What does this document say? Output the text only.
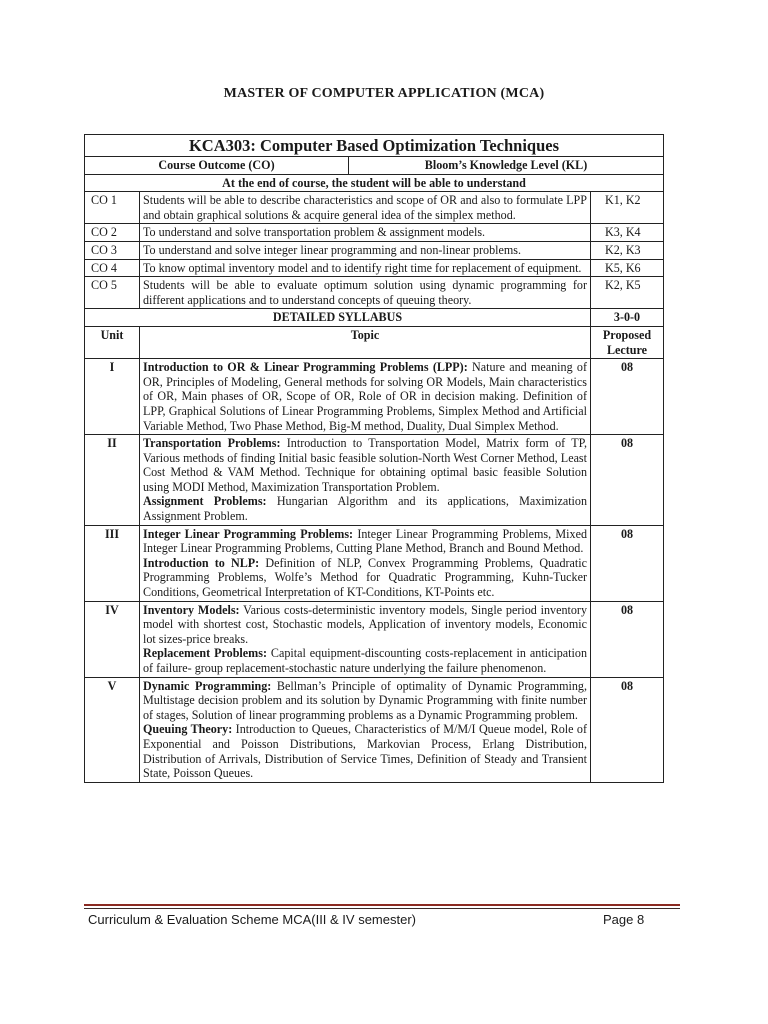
MASTER OF COMPUTER APPLICATION (MCA)
KCA303: Computer Based Optimization Techniques			
Course Outcome (CO)		Bloom’s Knowledge Level (KL)	
At the end of course, the student will be able to understand			
CO 1	Students will be able to describe characteristics and scope of OR and also to formulate LPP and obtain graphical solutions & acquire general idea of the simplex method.		K1, K2
CO 2	To understand and solve transportation problem & assignment models.		K3, K4
CO 3	To understand and solve integer linear programming and non-linear problems.		K2, K3
CO 4	To know optimal inventory model and to identify right time for replacement of equipment.		K5, K6
CO 5	Students will be able to evaluate optimum solution using dynamic programming for different applications and to understand concepts of queuing theory.		K2, K5
DETAILED SYLLABUS			3-0-0
Unit	Topic		Proposed Lecture
I	Introduction to OR & Linear Programming Problems (LPP): Nature and meaning of OR, Principles of Modeling, General methods for solving OR Models, Main characteristics of OR, Main phases of OR, Scope of OR, Role of OR in decision making. Definition of LPP, Graphical Solutions of Linear Programming Problems, Simplex Method and Artificial Variable Method, Two Phase Method, Big-M method, Duality, Dual Simplex Method.		08
II	Transportation Problems: Introduction to Transportation Model, Matrix form of TP, Various methods of finding Initial basic feasible solution-North West Corner Method, Least Cost Method & VAM Method. Technique for obtaining optimal basic feasible Solution using MODI Method, Maximization Transportation Problem.
Assignment Problems: Hungarian Algorithm and its applications, Maximization Assignment Problem.		08
III	Integer Linear Programming Problems: Integer Linear Programming Problems, Mixed Integer Linear Programming Problems, Cutting Plane Method, Branch and Bound Method.
Introduction to NLP: Definition of NLP, Convex Programming Problems, Quadratic Programming Problems, Wolfe’s Method for Quadratic Programming, Kuhn-Tucker Conditions, Geometrical Interpretation of KT-Conditions, KT-Points etc.		08
IV	Inventory Models: Various costs-deterministic inventory models, Single period inventory model with shortest cost, Stochastic models, Application of inventory models, Economic lot sizes-price breaks.
Replacement Problems: Capital equipment-discounting costs-replacement in anticipation of failure- group replacement-stochastic nature underlying the failure phenomenon.		08
V	Dynamic Programming: Bellman’s Principle of optimality of Dynamic Programming, Multistage decision problem and its solution by Dynamic Programming with finite number of stages, Solution of linear programming problems as a Dynamic Programming problem.
Queuing Theory: Introduction to Queues, Characteristics of M/M/I Queue model, Role of Exponential and Poisson Distributions, Markovian Process, Erlang Distribution, Distribution of Arrivals, Distribution of Service Times, Definition of Steady and Transient State, Poisson Queues.		08
Curriculum & Evaluation Scheme MCA(III & IV semester)	Page 8
